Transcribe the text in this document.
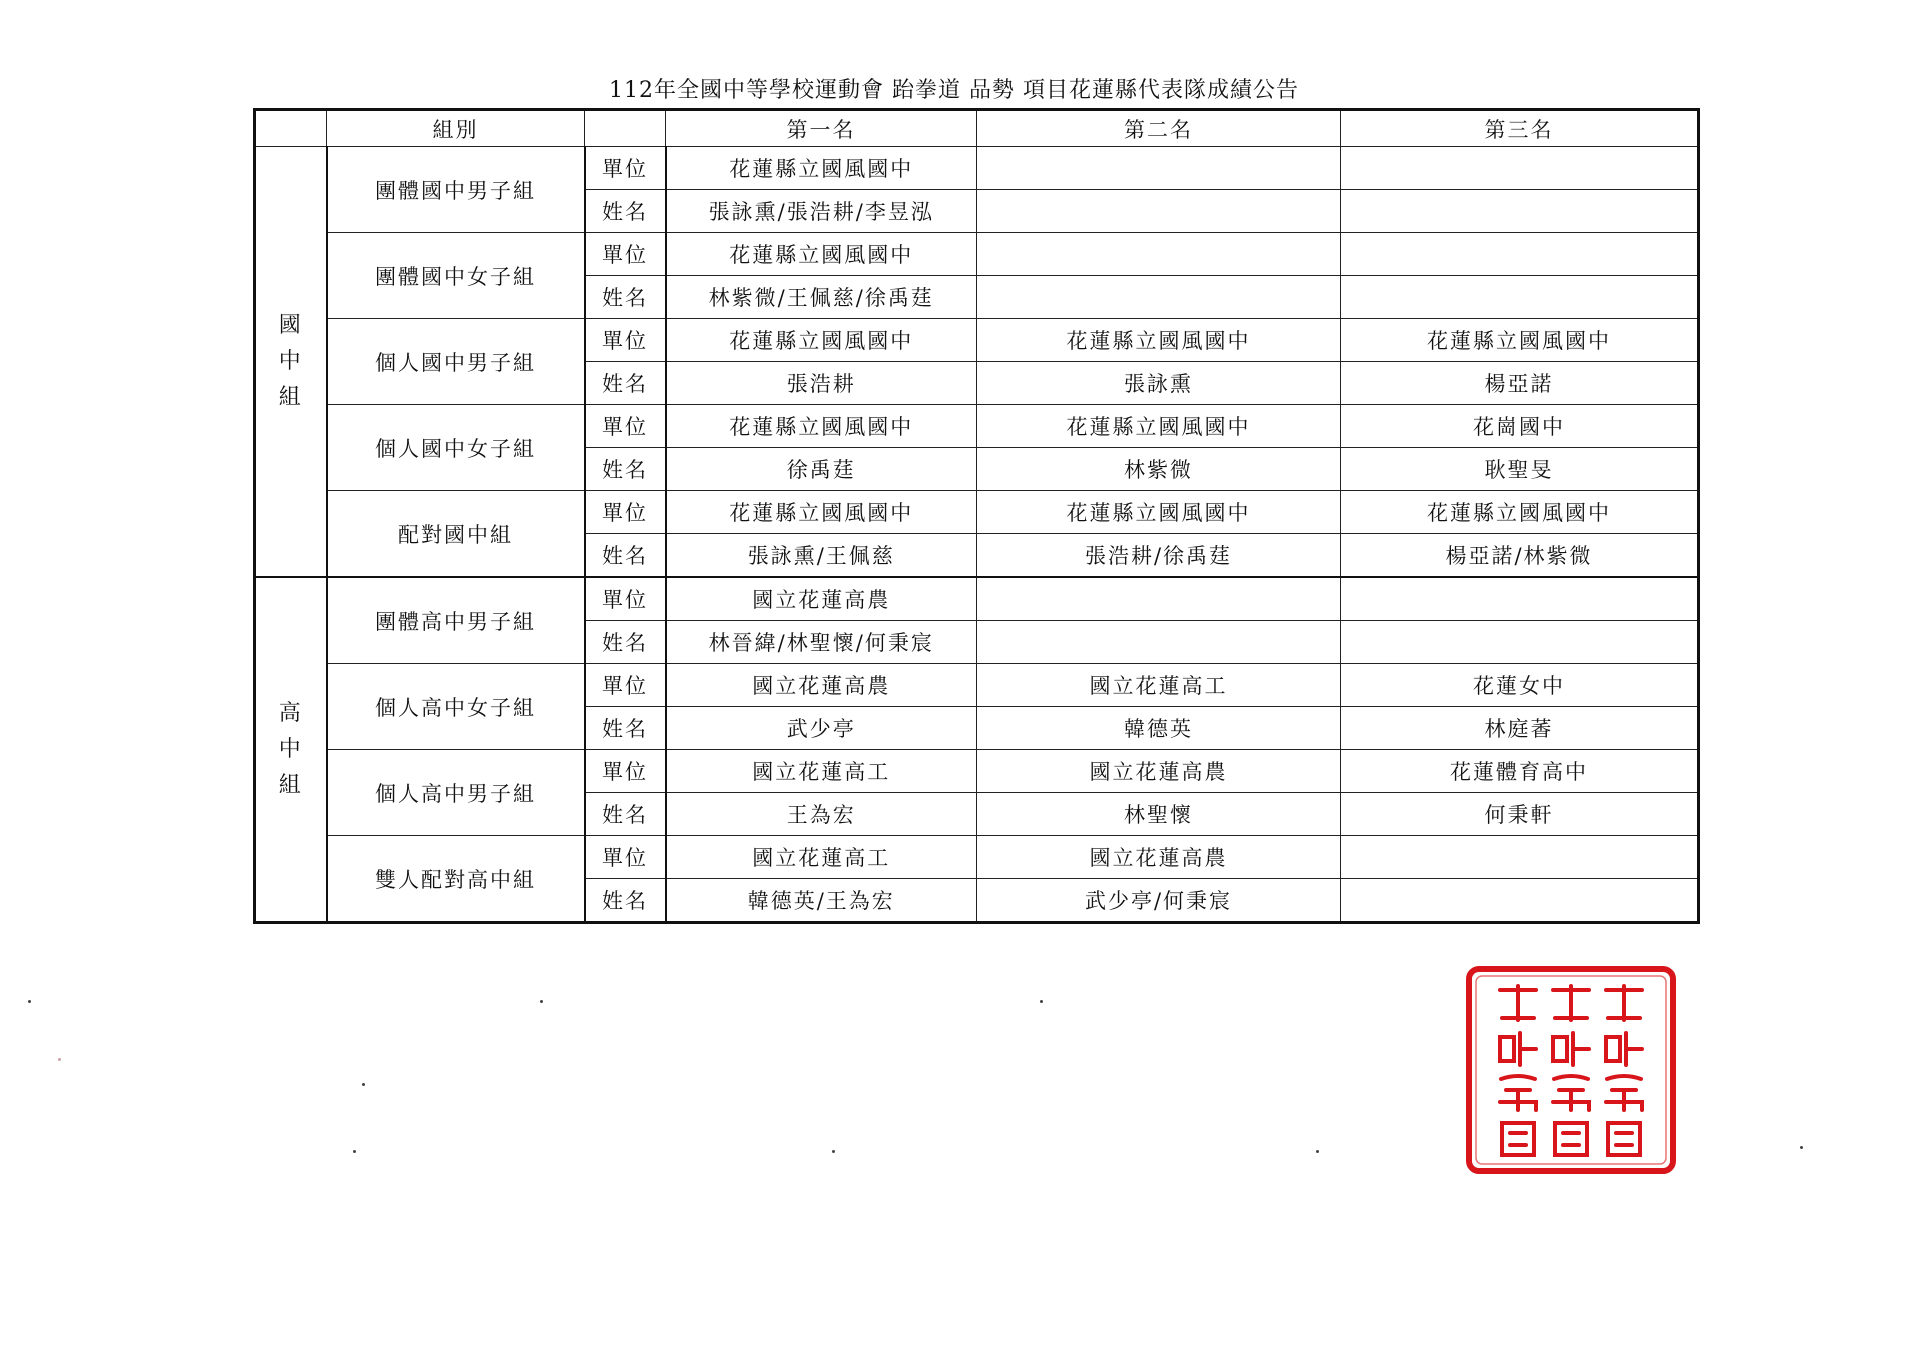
112年全國中等學校運動會 跆拳道 品勢 項目花蓮縣代表隊成績公告
	組別		第一名	第二名	第三名

國
中
組	團體國中男子組	單位	花蓮縣立國風國中		
		姓名	張詠熏/張浩耕/李昱泓		
	團體國中女子組	單位	花蓮縣立國風國中		
		姓名	林紫微/王佩慈/徐禹莛		
	個人國中男子組	單位	花蓮縣立國風國中	花蓮縣立國風國中	花蓮縣立國風國中
		姓名	張浩耕	張詠熏	楊亞諾
	個人國中女子組	單位	花蓮縣立國風國中	花蓮縣立國風國中	花崗國中
		姓名	徐禹莛	林紫微	耿聖旻
	配對國中組	單位	花蓮縣立國風國中	花蓮縣立國風國中	花蓮縣立國風國中
		姓名	張詠熏/王佩慈	張浩耕/徐禹莛	楊亞諾/林紫微

高
中
組	團體高中男子組	單位	國立花蓮高農		
		姓名	林晉緯/林聖懷/何秉宸		
	個人高中女子組	單位	國立花蓮高農	國立花蓮高工	花蓮女中
		姓名	武少亭	韓德英	林庭萫
	個人高中男子組	單位	國立花蓮高工	國立花蓮高農	花蓮體育高中
		姓名	王為宏	林聖懷	何秉軒
	雙人配對高中組	單位	國立花蓮高工	國立花蓮高農	
		姓名	韓德英/王為宏	武少亭/何秉宸	
